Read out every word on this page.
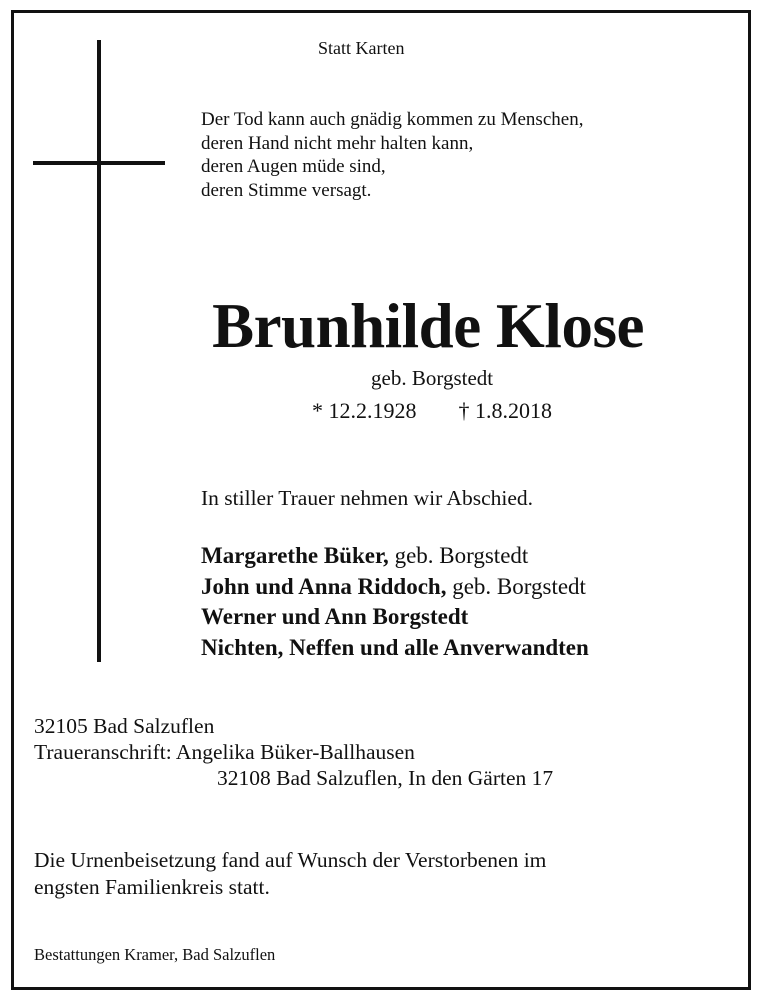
Statt Karten
Der Tod kann auch gnädig kommen zu Menschen,
deren Hand nicht mehr halten kann,
deren Augen müde sind,
deren Stimme versagt.
Brunhilde Klose
geb. Borgstedt
* 12.2.1928 † 1.8.2018
In stiller Trauer nehmen wir Abschied.
Margarethe Büker, geb. Borgstedt
John und Anna Riddoch, geb. Borgstedt
Werner und Ann Borgstedt
Nichten, Neffen und alle Anverwandten
32105 Bad Salzuflen
Traueranschrift: Angelika Büker-Ballhausen
32108 Bad Salzuflen, In den Gärten 17
Die Urnenbeisetzung fand auf Wunsch der Verstorbenen im
engsten Familienkreis statt.
Bestattungen Kramer, Bad Salzuflen
